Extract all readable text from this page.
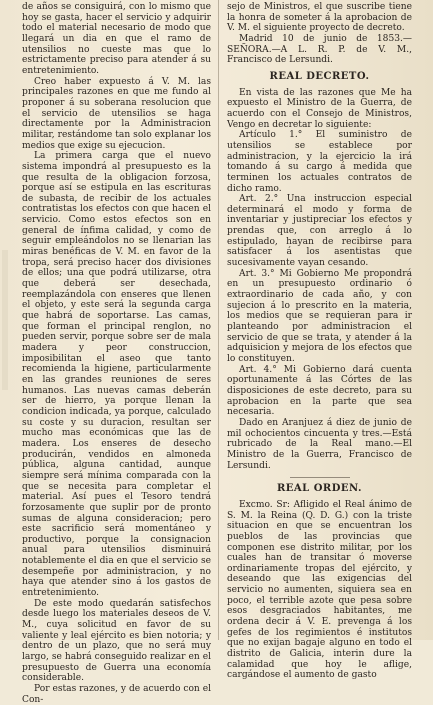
de años se consiguirá, con lo mismo que hoy se gasta, hacer el servicio y adquirir todo el material necesario de modo que llegará un dia en que el ramo de utensilios no cueste mas que lo estrictamente preciso para atender á su entretenimiento.

Creo haber expuesto á V. M. las principales razones en que me fundo al proponer á su soberana resolucion que el servicio de utensilios se haga directamente por la Administracion militar, restándome tan solo explanar los medios que exige su ejecucion.

La primera carga que el nuevo sistema impondrá al presupuesto es la que resulta de la obligacion forzosa, porque así se estipula en las escrituras de subasta, de recibir de los actuales contratistas los efectos con que hacen el servicio. Como estos efectos son en general de ínfima calidad, y como de seguir empleándolos no se llenarian las miras benéficas de V. M. en favor de la tropa, será preciso hacer dos divisiones de ellos; una que podrá utilizarse, otra que deberá ser desechada, reemplazándola con enseres que llenen el objeto, y este será la segunda carga que habrá de soportarse. Las camas, que forman el principal renglon, no pueden servir, porque sobre ser de mala madera y peor construccion, imposibilitan el aseo que tanto recomienda la higiene, particularmente en las grandes reuniones de seres humanos. Las nuevas camas deberán ser de hierro, ya porque llenan la condicion indicada, ya porque, calculado su coste y su duracion, resultan ser mucho mas económicas que las de madera. Los enseres de desecho producirán, vendidos en almoneda pública, alguna cantidad, aunque siempre será mínima comparada con la que se necesita para completar el material. Así pues el Tesoro tendrá forzosamente que suplir por de pronto sumas de alguna consideracion; pero este sacrificio será momentáneo y productivo, porque la consignacion anual para utensilios disminuirá notablemente el dia en que el servicio se desempeñe por administracion, y no haya que atender sino á los gastos de entretenimiento.

De este modo quedarán satisfechos desde luego los materiales deseos de V. M., cuya solicitud en favor de su valiente y leal ejército es bien notoria; y dentro de un plazo, que no será muy largo, se habrá conseguido realizar en el presupuesto de Guerra una economía considerable.

Por estas razones, y de acuerdo con el Con-

sejo de Ministros, el que suscribe tiene la honra de someter á la aprobacion de V. M. el siguiente proyecto de decreto.

Madrid 10 de junio de 1853.—SEÑORA.—A L. R. P. de V. M., Francisco de Lersundi.

REAL DECRETO.

En vista de las razones que Me ha expuesto el Ministro de la Guerra, de acuerdo con el Consejo de Ministros, Vengo en decretar lo siguiente:

Artículo 1.° El suministro de utensilios se establece por administracion, y la ejercicio la irá tomando á su cargo á medida que terminen los actuales contratos de dicho ramo.

Art. 2.° Una instruccion especial determinará el modo y forma de inventariar y justipreciar los efectos y prendas que, con arreglo á lo estipulado, hayan de recibirse para satisfacer á los asentistas que sucesivamente vayan cesando.

Art. 3.° Mi Gobierno Me propondrá en un presupuesto ordinario ó extraordinario de cada año, y con sujecion á lo prescrito en la materia, los medios que se requieran para ir planteando por administracion el servicio de que se trata, y atender á la adquisicion y mejora de los efectos que lo constituyen.

Art. 4.° Mi Gobierno dará cuenta oportunamente á las Córtes de las disposiciones de este decreto, para su aprobacion en la parte que sea necesaria.

Dado en Aranjuez á diez de junio de mil ochocientos cincuenta y tres.—Está rubricado de la Real mano.—El Ministro de la Guerra, Francisco de Lersundi.

REAL ORDEN.

Excmo. Sr: Afligido el Real ánimo de S. M. la Reina (Q. D. G.) con la triste situacion en que se encuentran los pueblos de las provincias que componen ese distrito militar, por los cuales han de transitar ó moverse ordinariamente tropas del ejército, y deseando que las exigencias del servicio no aumenten, siquiera sea en poco, el terrible azote que pesa sobre esos desgraciados habitantes, me ordena decir á V. E. prevenga á los gefes de los regimientos é institutos que no exijan bagaje alguno en todo el distrito de Galicia, interin dure la calamidad que hoy le aflige, cargándose el aumento de gasto
